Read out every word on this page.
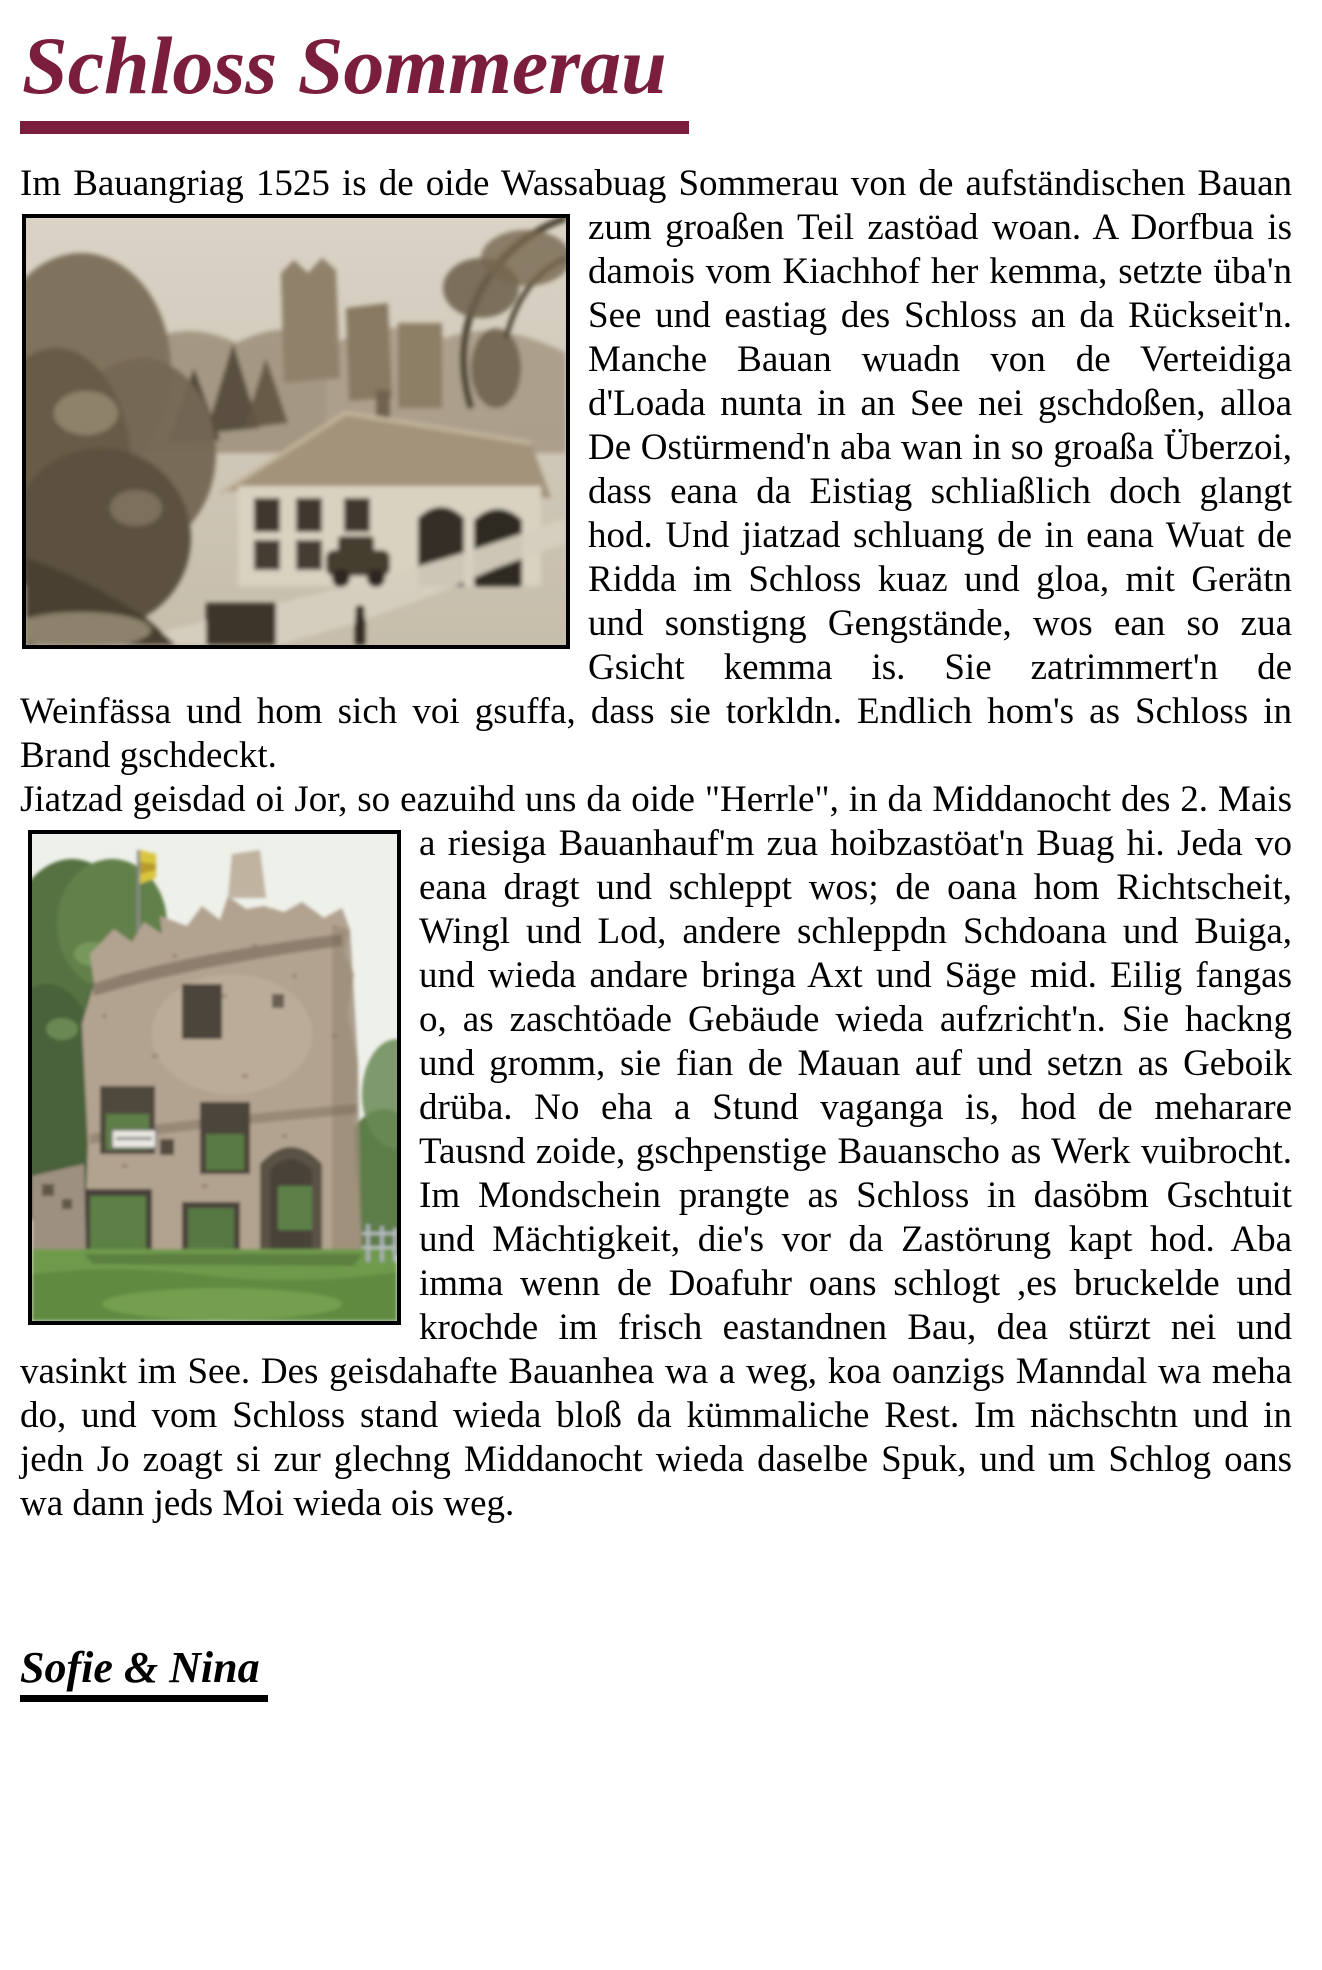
Schloss Sommerau

Im Bauangriag 1525 is de oide Wassabuag Sommerau von de aufständischen Bauan zum groaßen Teil zastöad woan. A Dorfbua is
damois vom Kiachhof her kemma, setzte üba'n See und eastiag des Schloss an da Rückseit'n. Manche Bauan wuadn von de Verteidiga d'Loada nunta in an See nei gschdoßen, alloa De Ostürmend'n aba wan in so groaßa Überzoi, dass eana da Eistiag schliaßlich doch glangt hod. Und jiatzad schluang de in eana Wuat de Ridda im Schloss kuaz und gloa, mit Gerätn und sonstigng Gengstände, wos ean so zua Gsicht kemma is. Sie zatrimmert'n de Weinfässa und hom sich voi gsuffa, dass sie torkldn. Endlich hom's as Schloss in Brand gschdeckt.

Jiatzad geisdad oi Jor, so eazuihd uns da oide "Herrle", in da Middanocht des 2. Mais a riesiga Bauanhauf'm zua hoibzastöat'n Buag hi. Jeda vo eana dragt und schleppt wos; de oana hom Richtscheit, Wingl und Lod, andere schleppdn Schdoana und Buiga, und wieda andare bringa Axt und Säge mid. Eilig fangas o, as zaschtöade Gebäude wieda aufzricht'n. Sie hackng und gromm, sie fian de Mauan auf und setzn as Geboik drüba. No eha a Stund vaganga is, hod de meharare Tausnd zoide, gschpenstige Bauanscho as Werk vuibrocht. Im Mondschein prangte as Schloss in dasöbm Gschtuit und Mächtigkeit, die's vor da Zastörung kapt hod. Aba imma wenn de Doafuhr oans schlogt ,es bruckelde und krochde im frisch eastandnen Bau, dea stürzt nei und vasinkt im See. Des geisdahafte Bauanhea wa a weg, koa oanzigs Manndal wa meha do, und vom Schloss stand wieda bloß da kümmaliche Rest. Im nächschtn und in jedn Jo zoagt si zur glechng Middanocht wieda daselbe Spuk, und um Schlog oans wa dann jeds Moi wieda ois weg.

Sofie & Nina
